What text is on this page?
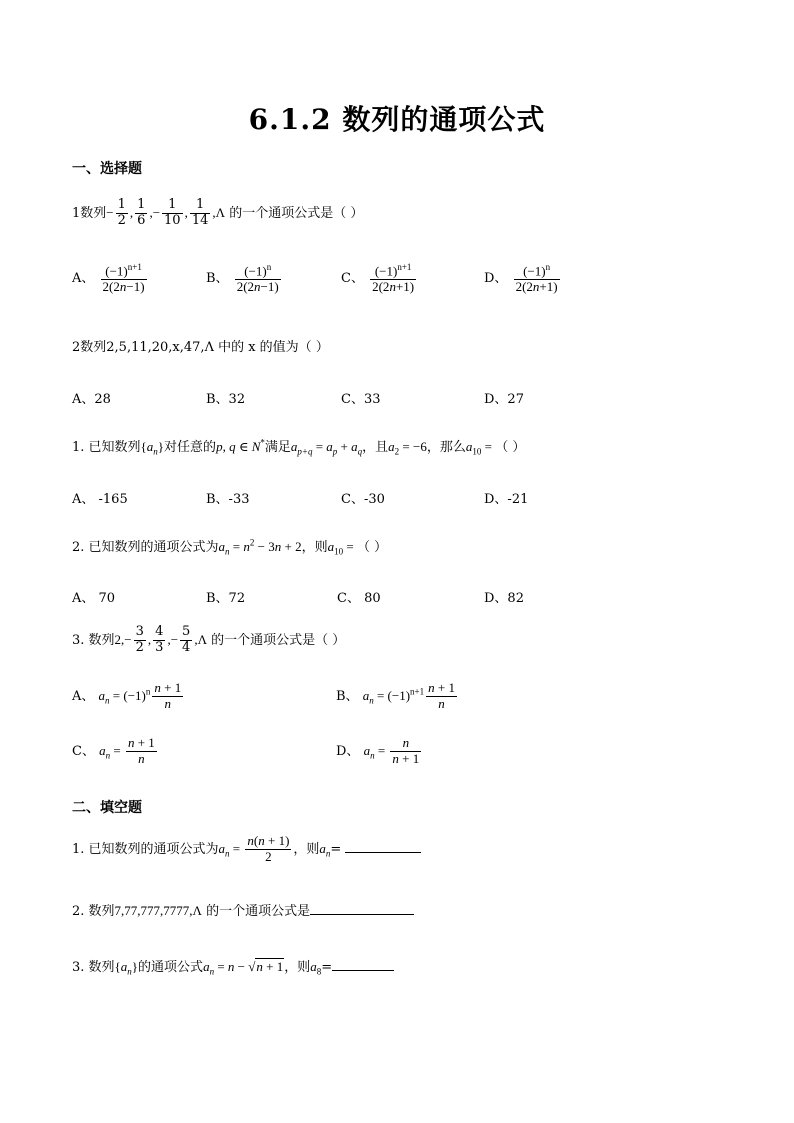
6.1.2 数列的通项公式
一、选择题
1数列− $\frac{1}{2}$ , $\frac{1}{6}$ ,− $\frac{1}{10}$ , $\frac{1}{14} ,\Lambda$ 的一个通项公式是（ ）
A、 $\frac{(-1)^{n+1}}{2(2n-1)}$	B、 $\frac{(-1)^n}{2(2n-1)}$	C、 $\frac{(-1)^{n+1}}{2(2n+1)}$	D、 $\frac{(-1)^n}{2(2n+1)}$
2数列2,5,11,20,x,47,Λ 中的 x 的值为（ ）
A、28	B、32	C、33	D、27
1. 已知数列$\{a_n\}$对任意的p, q ∈ N*满足$a_{p+q} = a_p + a_q$，且$a_2 = -6$，那么$a_{10}$ = （ ）
A、 -165	B、-33	C、-30	D、-21
2. 已知数列的通项公式为$a_n = n^2 - 3n + 2$，则$a_{10}$ = （ ）
A、 70	B、72	C、 80	D、82
3. 数列$2,- \frac{3}{2}$ , $\frac{4}{3}$ ,− $\frac{5}{4} ,\Lambda$ 的一个通项公式是（ ）
A、 $a_n = (-1)^n \frac{n + 1}{n}$	B、 $a_n = (-1)^{n+1} \frac{n + 1}{n}$
C、 $a_n = \frac{n + 1}{n}$	D、 $a_n = \frac{n}{n + 1}$
二、填空题
1. 已知数列的通项公式为$a_n = \frac{n(n + 1)}{2}$ ，则$a_n=$
2. 数列7,77,777,7777,Λ 的一个通项公式是
3. 数列$\{a_n\}$的通项公式$a_n = n - √n + 1$，则$a_8=$
